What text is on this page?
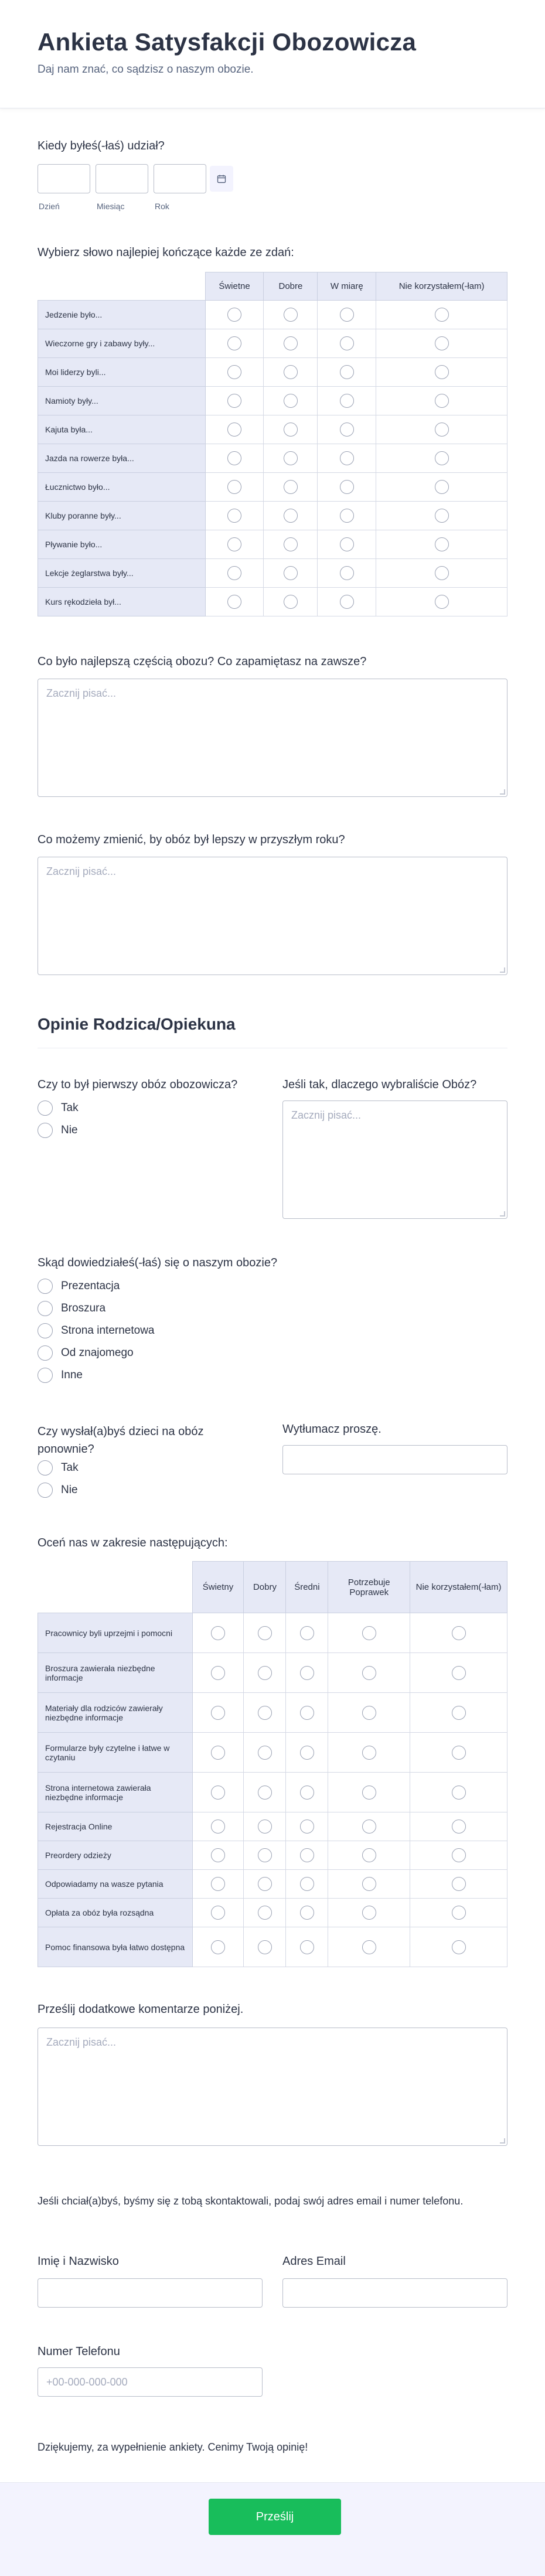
Ankieta Satysfakcji Obozowicza
Daj nam znać, co sądzisz o naszym obozie.
Kiedy byłeś(-łaś) udział?
Dzień	Miesiąc	Rok
Wybierz słowo najlepiej kończące każde ze zdań:
	Świetne	Dobre	W miarę	Nie korzystałem(-łam)
Jedzenie było...				
Wieczorne gry i zabawy były...				
Moi liderzy byli...				
Namioty były...				
Kajuta była...				
Jazda na rowerze była...				
Łucznictwo było...				
Kluby poranne były...				
Pływanie było...				
Lekcje żeglarstwa były...				
Kurs rękodzieła był...				
Co było najlepszą częścią obozu? Co zapamiętasz na zawsze?
Zacznij pisać...
Co możemy zmienić, by obóz był lepszy w przyszłym roku?
Zacznij pisać...
Opinie Rodzica/Opiekuna
Czy to był pierwszy obóz obozowicza?
Tak
Nie
Jeśli tak, dlaczego wybraliście Obóz?
Zacznij pisać...
Skąd dowiedziałeś(-łaś) się o naszym obozie?
Prezentacja
Broszura
Strona internetowa
Od znajomego
Inne
Czy wysłał(a)byś dzieci na obóz ponownie?
Tak
Nie
Wytłumacz proszę.
Oceń nas w zakresie następujących:
	Świetny	Dobry	Średni	Potrzebuje Poprawek	Nie korzystałem(-łam)
Pracownicy byli uprzejmi i pomocni					
Broszura zawierała niezbędne informacje					
Materiały dla rodziców zawierały niezbędne informacje					
Formularze były czytelne i łatwe w czytaniu					
Strona internetowa zawierała niezbędne informacje					
Rejestracja Online					
Preordery odzieży					
Odpowiadamy na wasze pytania					
Opłata za obóz była rozsądna					
Pomoc finansowa była łatwo dostępna					
Prześlij dodatkowe komentarze poniżej.
Zacznij pisać...
Jeśli chciał(a)byś, byśmy się z tobą skontaktowali, podaj swój adres email i numer telefonu.
Imię i Nazwisko	Adres Email
Numer Telefonu
+00-000-000-000
Dziękujemy, za wypełnienie ankiety. Cenimy Twoją opinię!
Prześlij
